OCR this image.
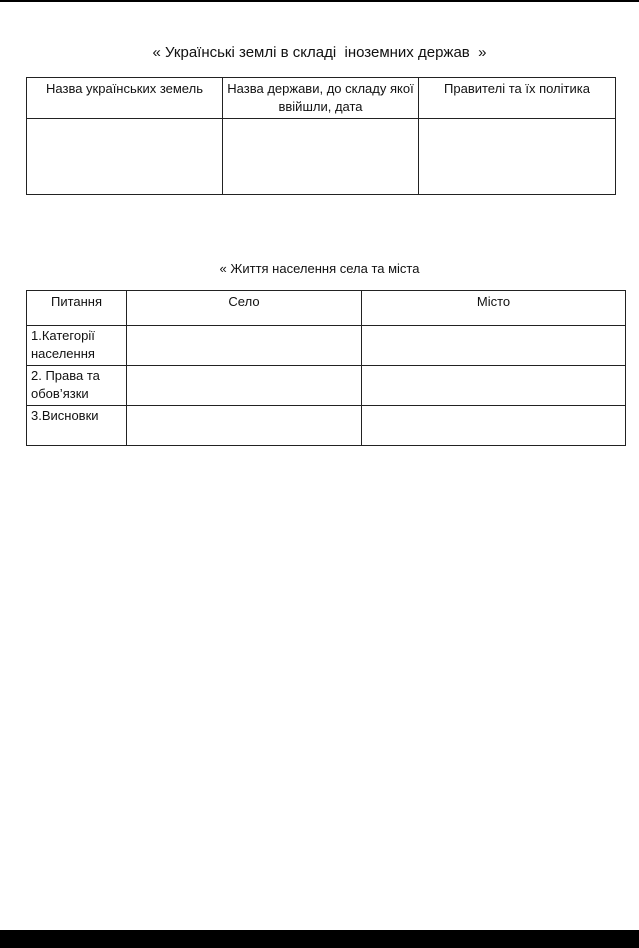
« Українські землі в складі  іноземних держав  »
Назва українських земель	Назва держави, до складу якої ввійшли, дата	Правителі та їх політика

« Життя населення села та міста
Питання	Село	Місто
1.Категорії населення		
2. Права та обов’язки		
3.Висновки		
